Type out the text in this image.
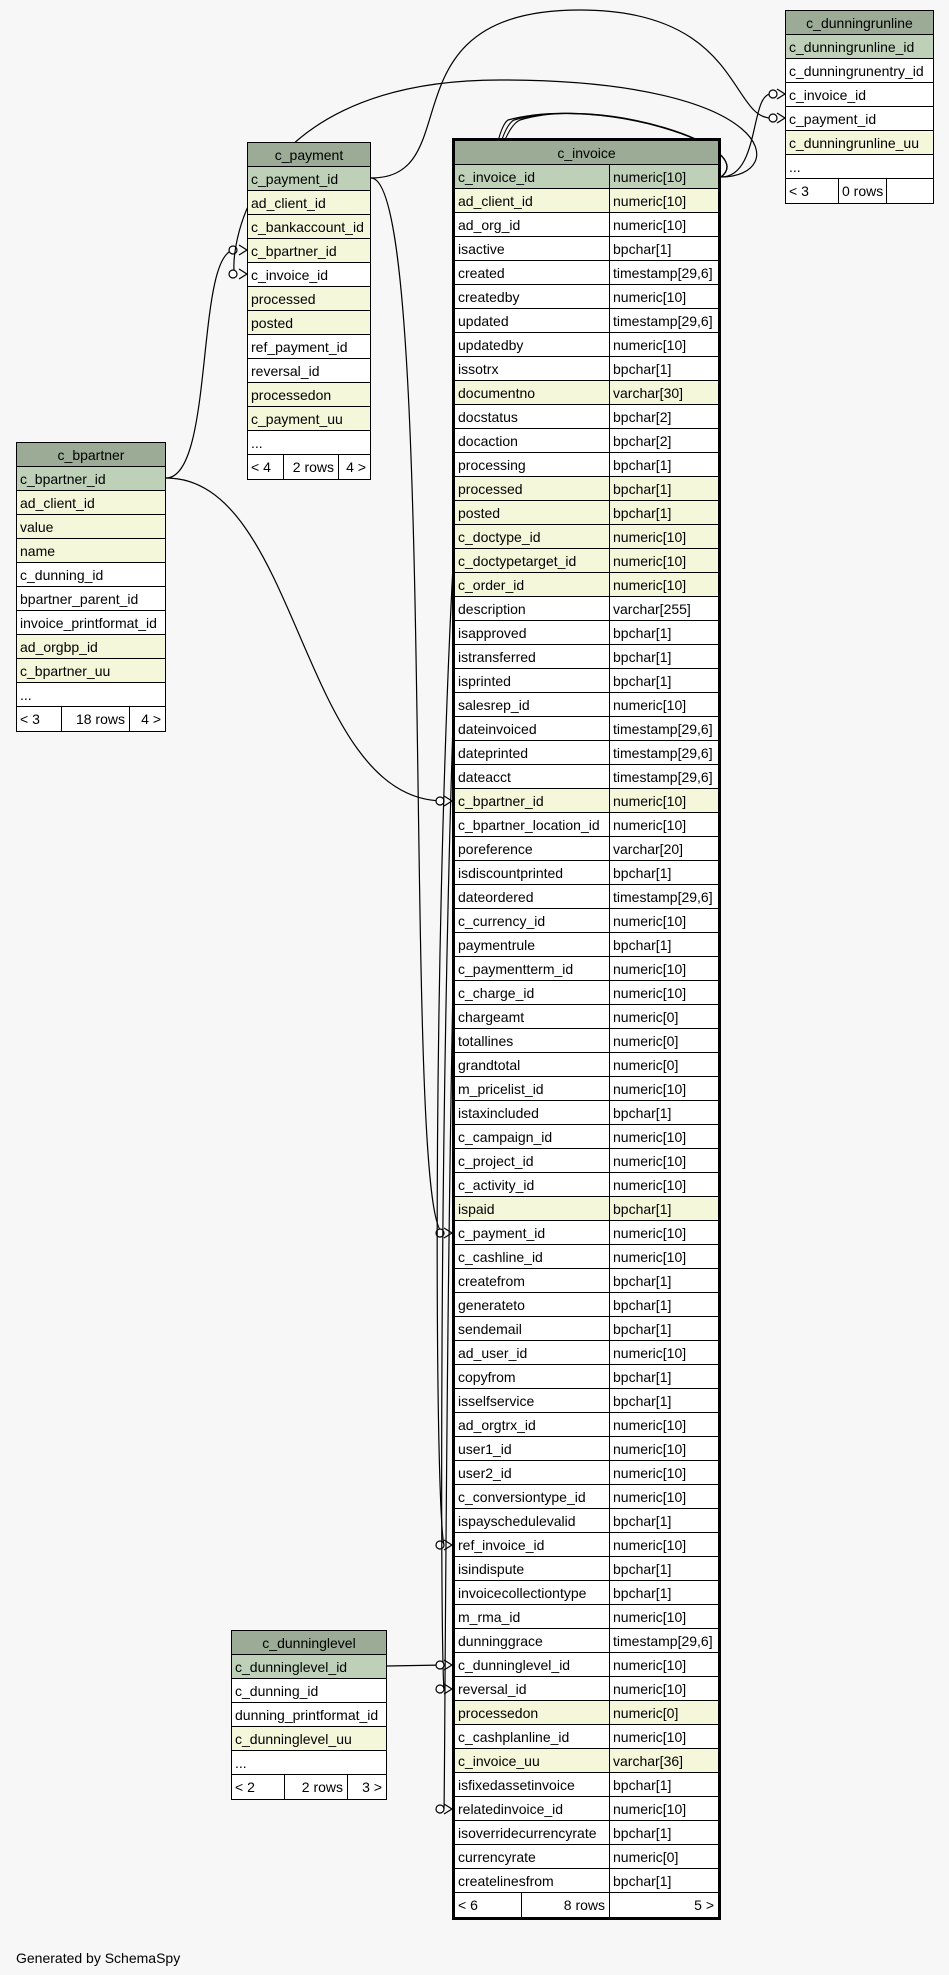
c_dunningrunline
c_dunningrunline_id
c_dunningrunentry_id
c_invoice_id
c_payment_id
c_dunningrunline_uu
...
< 3	0 rows
c_payment
c_payment_id
ad_client_id
c_bankaccount_id
c_bpartner_id
c_invoice_id
processed
posted
ref_payment_id
reversal_id
processedon
c_payment_uu
...
< 4	2 rows 4 >
c_bpartner
c_bpartner_id
ad_client_id
value
name
c_dunning_id
bpartner_parent_id
invoice_printformat_id
ad_orgbp_id
c_bpartner_uu
...
< 3	18 rows	4 >
c_dunninglevel
c_dunninglevel_id
c_dunning_id
dunning_printformat_id
c_dunninglevel_uu
...
< 2	2 rows	3 >
c_invoice
c_invoice_id	numeric[10]
ad_client_id	numeric[10]
ad_org_id	numeric[10]
isactive	bpchar[1]
created	timestamp[29,6]
createdby	numeric[10]
updated	timestamp[29,6]
updatedby	numeric[10]
issotrx	bpchar[1]
documentno	varchar[30]
docstatus	bpchar[2]
docaction	bpchar[2]
processing	bpchar[1]
processed	bpchar[1]
posted	bpchar[1]
c_doctype_id	numeric[10]
c_doctypetarget_id	numeric[10]
c_order_id	numeric[10]
description	varchar[255]
isapproved	bpchar[1]
istransferred	bpchar[1]
isprinted	bpchar[1]
salesrep_id	numeric[10]
dateinvoiced	timestamp[29,6]
dateprinted	timestamp[29,6]
dateacct	timestamp[29,6]
c_bpartner_id	numeric[10]
c_bpartner_location_id numeric[10]
poreference	varchar[20]
isdiscountprinted	bpchar[1]
dateordered	timestamp[29,6]
c_currency_id	numeric[10]
paymentrule	bpchar[1]
c_paymentterm_id	numeric[10]
c_charge_id	numeric[10]
chargeamt	numeric[0]
totallines	numeric[0]
grandtotal	numeric[0]
m_pricelist_id	numeric[10]
istaxincluded	bpchar[1]
c_campaign_id	numeric[10]
c_project_id	numeric[10]
c_activity_id	numeric[10]
ispaid	bpchar[1]
c_payment_id	numeric[10]
c_cashline_id	numeric[10]
createfrom	bpchar[1]
generateto	bpchar[1]
sendemail	bpchar[1]
ad_user_id	numeric[10]
copyfrom	bpchar[1]
isselfservice	bpchar[1]
ad_orgtrx_id	numeric[10]
user1_id	numeric[10]
user2_id	numeric[10]
c_conversiontype_id	numeric[10]
ispayschedulevalid	bpchar[1]
ref_invoice_id	numeric[10]
isindispute	bpchar[1]
invoicecollectiontype	bpchar[1]
m_rma_id	numeric[10]
dunninggrace	timestamp[29,6]
c_dunninglevel_id	numeric[10]
reversal_id	numeric[10]
processedon	numeric[0]
c_cashplanline_id	numeric[10]
c_invoice_uu	varchar[36]
isfixedassetinvoice	bpchar[1]
relatedinvoice_id	numeric[10]
isoverridecurrencyrate	bpchar[1]
currencyrate	numeric[0]
createlinesfrom	bpchar[1]
< 6	8 rows	5 >
Generated by SchemaSpy
